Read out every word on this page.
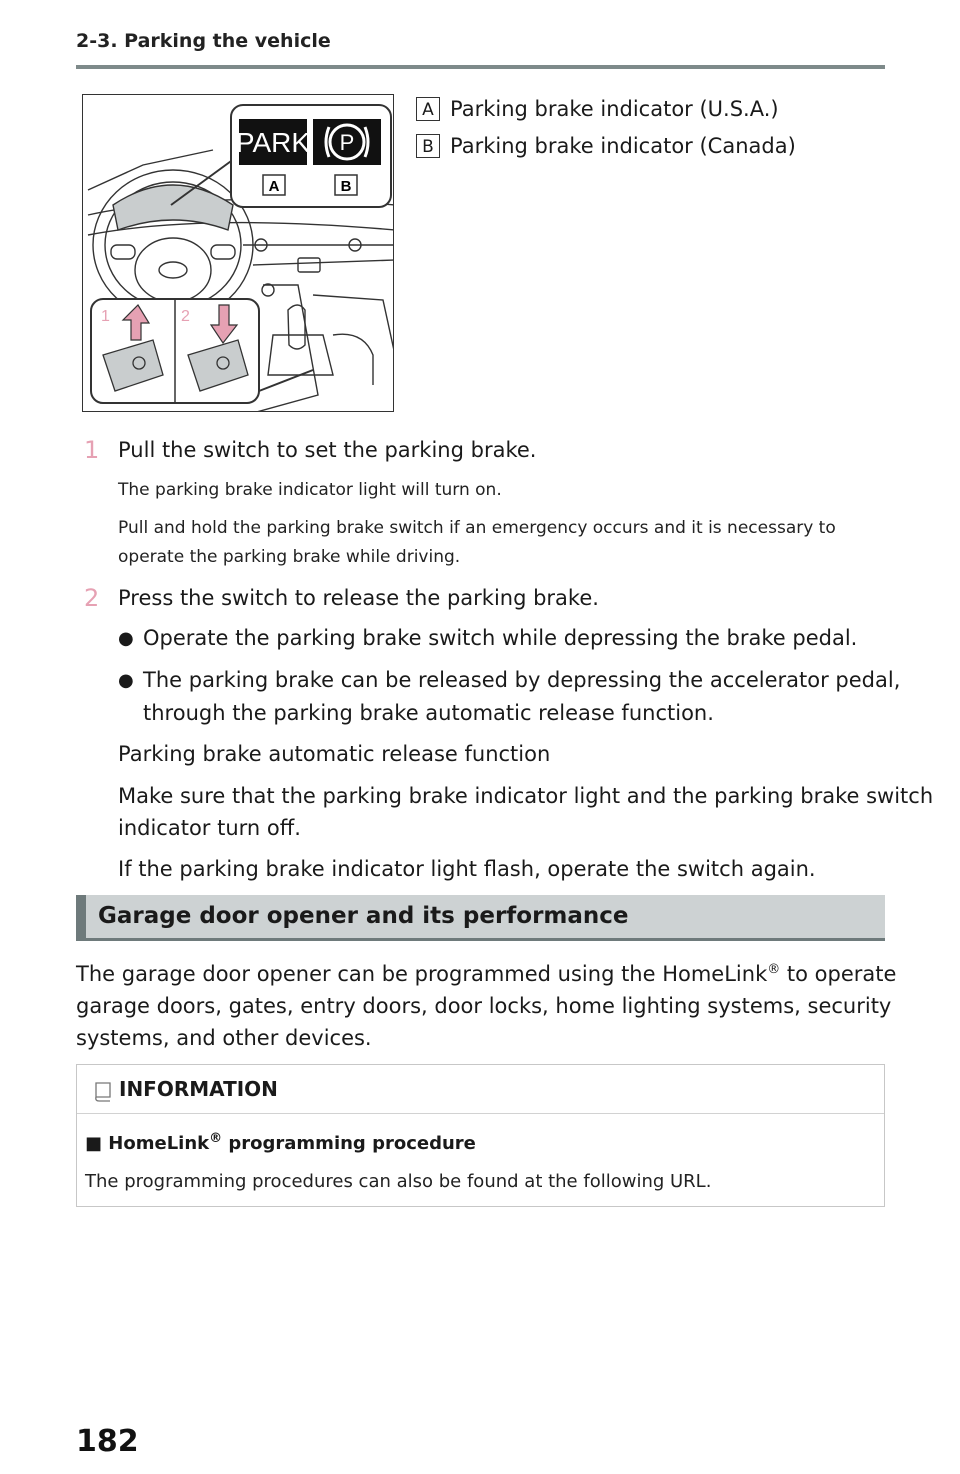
2-3. Parking the vehicle
PARK P
A	B
1	2
A Parking brake indicator (U.S.A.)
B Parking brake indicator (Canada)
1 Pull the switch to set the parking brake.
The parking brake indicator light will turn on.
Pull and hold the parking brake switch if an emergency occurs and it is necessary to
operate the parking brake while driving.
2 Press the switch to release the parking brake.
● Operate the parking brake switch while depressing the brake pedal.
● The parking brake can be released by depressing the accelerator pedal,
through the parking brake automatic release function.
Parking brake automatic release function
Make sure that the parking brake indicator light and the parking brake switch
indicator turn off.
If the parking brake indicator light flash, operate the switch again.
Garage door opener and its performance
The garage door opener can be programmed using the HomeLink® to operate
garage doors, gates, entry doors, door locks, home lighting systems, security
systems, and other devices.
INFORMATION
■ HomeLink® programming procedure
The programming procedures can also be found at the following URL.
182
